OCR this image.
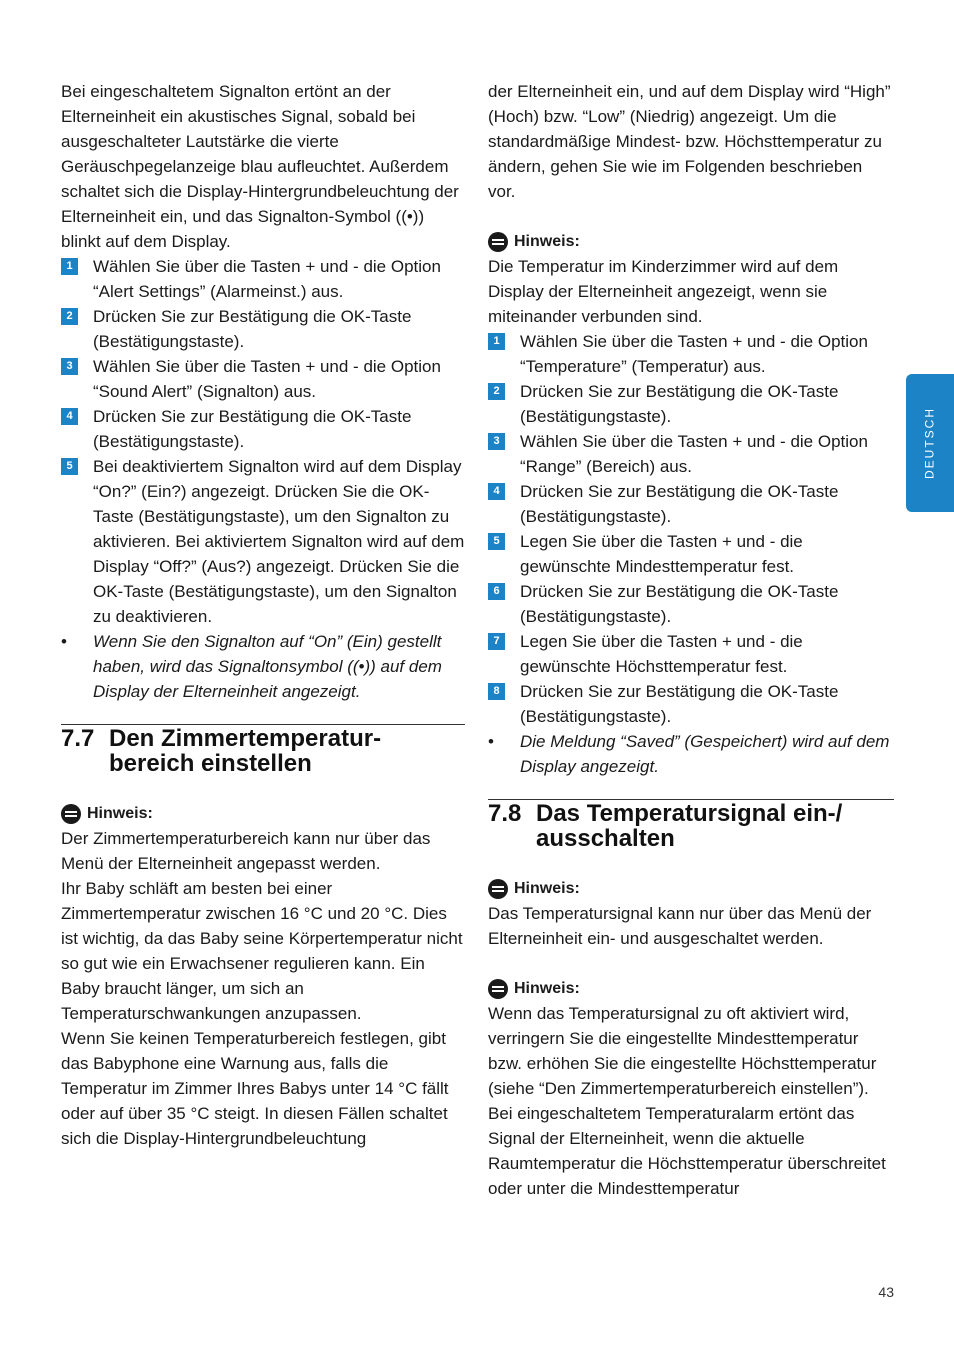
Bei eingeschaltetem Signalton ertönt an der Elterneinheit ein akustisches Signal, sobald bei ausgeschalteter Lautstärke die vierte Geräuschpegelanzeige blau aufleuchtet. Außerdem schaltet sich die Display-Hintergrundbeleuchtung der Elterneinheit ein, und das Signalton-Symbol ((•)) blinkt auf dem Display.

1	Wählen Sie über die Tasten + und - die Option “Alert Settings” (Alarmeinst.) aus.
2	Drücken Sie zur Bestätigung die OK-Taste (Bestätigungstaste).
3	Wählen Sie über die Tasten + und - die Option “Sound Alert” (Signalton) aus.
4	Drücken Sie zur Bestätigung die OK-Taste (Bestätigungstaste).
5	Bei deaktiviertem Signalton wird auf dem Display “On?” (Ein?) angezeigt. Drücken Sie die OK-Taste (Bestätigungstaste), um den Signalton zu aktivieren. Bei aktiviertem Signalton wird auf dem Display “Off?” (Aus?) angezeigt. Drücken Sie die OK-Taste (Bestätigungstaste), um den Signalton zu deaktivieren.
• Wenn Sie den Signalton auf “On” (Ein) gestellt haben, wird das Signaltonsymbol ((•)) auf dem Display der Elterneinheit angezeigt.
7.7 Den Zimmertemperatur-bereich einstellen
Hinweis:

Der Zimmertemperaturbereich kann nur über das Menü der Elterneinheit angepasst werden.

Ihr Baby schläft am besten bei einer Zimmertemperatur zwischen 16 °C und 20 °C. Dies ist wichtig, da das Baby seine Körpertemperatur nicht so gut wie ein Erwachsener regulieren kann. Ein Baby braucht länger, um sich an Temperaturschwankungen anzupassen.

Wenn Sie keinen Temperaturbereich festlegen, gibt das Babyphone eine Warnung aus, falls die Temperatur im Zimmer Ihres Babys unter 14 °C fällt oder auf über 35 °C steigt. In diesen Fällen schaltet sich die Display-Hintergrundbeleuchtung

der Elterneinheit ein, und auf dem Display wird “High” (Hoch) bzw. “Low” (Niedrig) angezeigt. Um die standardmäßige Mindest- bzw. Höchsttemperatur zu ändern, gehen Sie wie im Folgenden beschrieben vor.

Hinweis:

Die Temperatur im Kinderzimmer wird auf dem Display der Elterneinheit angezeigt, wenn sie miteinander verbunden sind.

1	Wählen Sie über die Tasten + und - die Option “Temperature” (Temperatur) aus.
2	Drücken Sie zur Bestätigung die OK-Taste (Bestätigungstaste).
3	Wählen Sie über die Tasten + und - die Option “Range” (Bereich) aus.
4	Drücken Sie zur Bestätigung die OK-Taste (Bestätigungstaste).
5	Legen Sie über die Tasten + und - die gewünschte Mindesttemperatur fest.
6	Drücken Sie zur Bestätigung die OK-Taste (Bestätigungstaste).
7	Legen Sie über die Tasten + und - die gewünschte Höchsttemperatur fest.
8	Drücken Sie zur Bestätigung die OK-Taste (Bestätigungstaste).
• Die Meldung “Saved” (Gespeichert) wird auf dem Display angezeigt.
7.8 Das Temperatursignal ein-/ ausschalten
Hinweis:

Das Temperatursignal kann nur über das Menü der Elterneinheit ein- und ausgeschaltet werden.

Hinweis:

Wenn das Temperatursignal zu oft aktiviert wird, verringern Sie die eingestellte Mindesttemperatur bzw. erhöhen Sie die eingestellte Höchsttemperatur (siehe “Den Zimmertemperaturbereich einstellen”).

Bei eingeschaltetem Temperaturalarm ertönt das Signal der Elterneinheit, wenn die aktuelle Raumtemperatur die Höchsttemperatur überschreitet oder unter die Mindesttemperatur

DEUTSCH
43
